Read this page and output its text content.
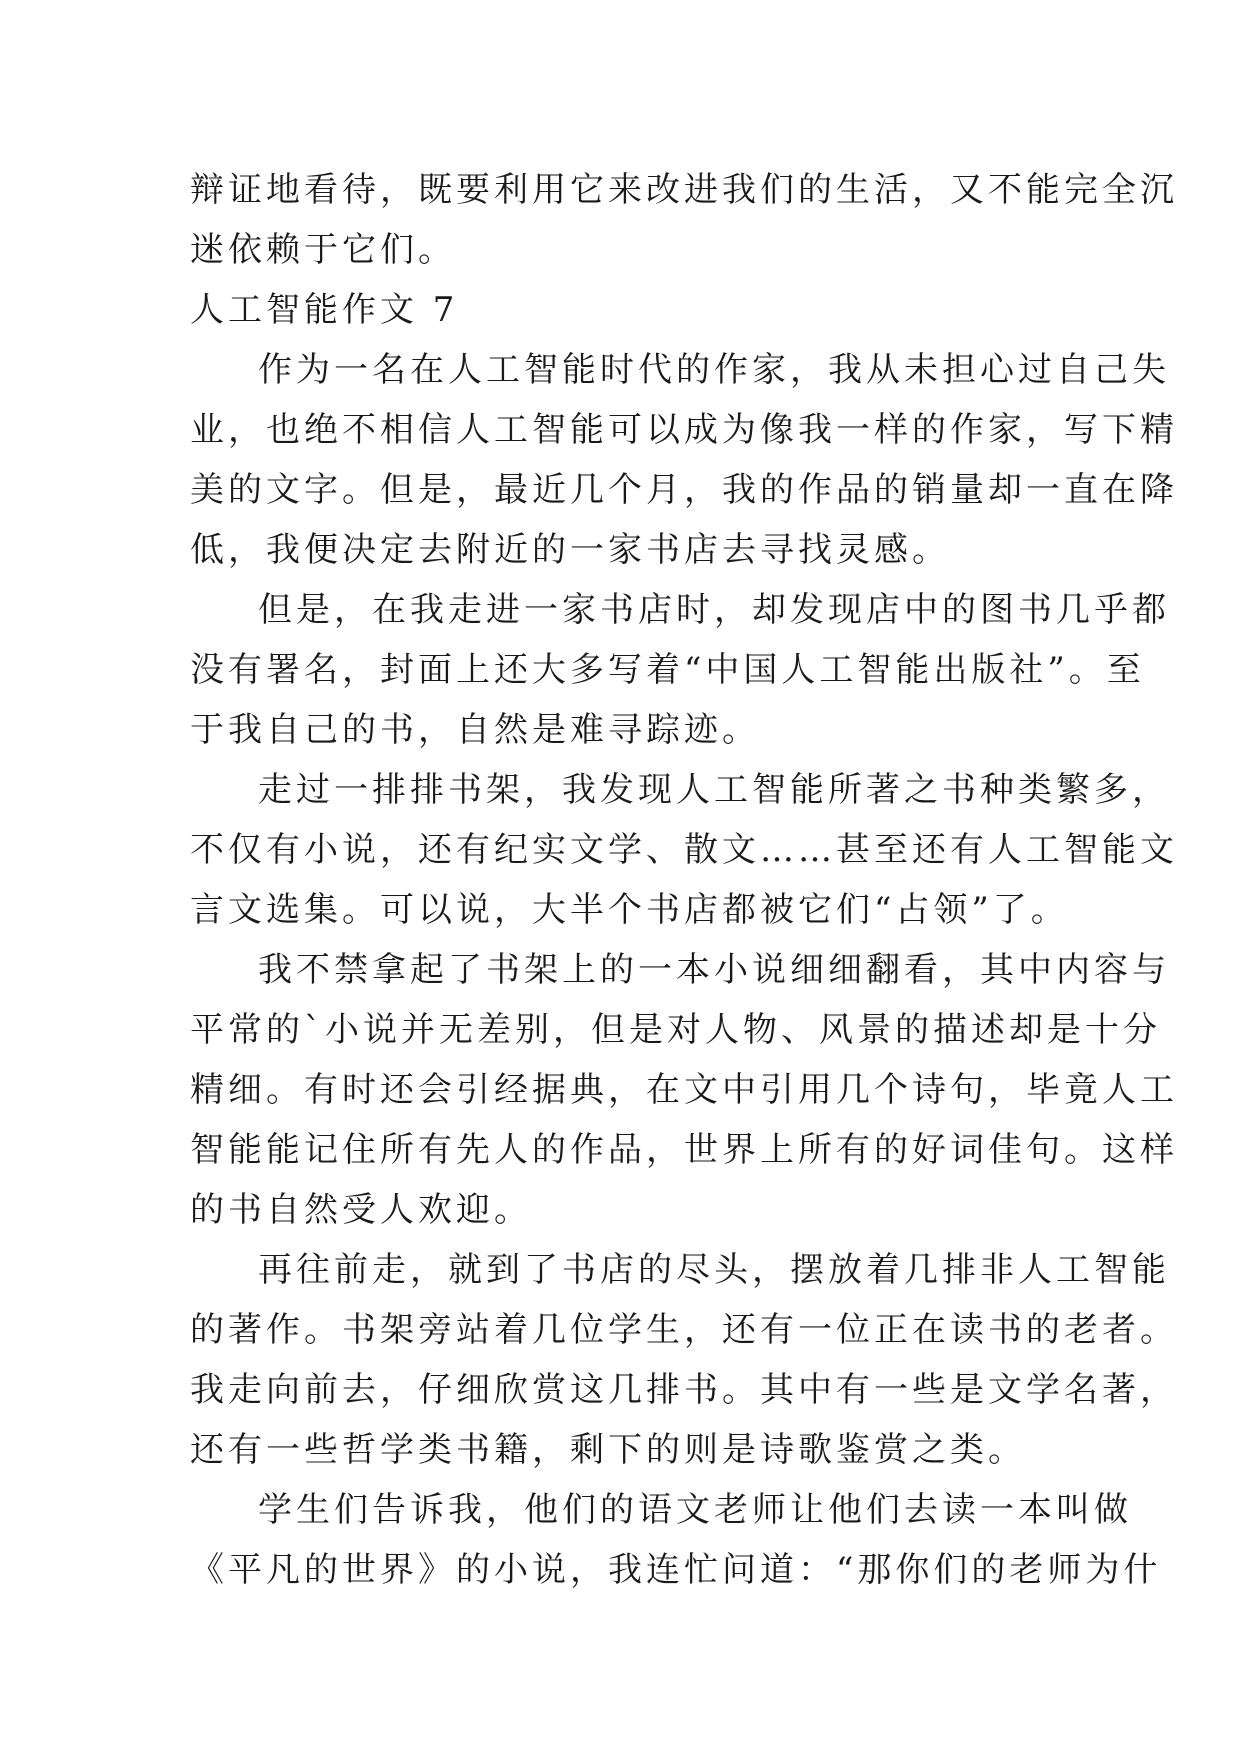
辩证地看待，既要利用它来改进我们的生活，又不能完全沉
迷依赖于它们。
人工智能作文 7
作为一名在人工智能时代的作家，我从未担心过自己失
业，也绝不相信人工智能可以成为像我一样的作家，写下精
美的文字。但是，最近几个月，我的作品的销量却一直在降
低，我便决定去附近的一家书店去寻找灵感。
但是，在我走进一家书店时，却发现店中的图书几乎都
没有署名，封面上还大多写着“中国人工智能出版社”。至
于我自己的书，自然是难寻踪迹。
走过一排排书架，我发现人工智能所著之书种类繁多，
不仅有小说，还有纪实文学、散文……甚至还有人工智能文
言文选集。可以说，大半个书店都被它们“占领”了。
我不禁拿起了书架上的一本小说细细翻看，其中内容与
平常的`小说并无差别，但是对人物、风景的描述却是十分
精细。有时还会引经据典，在文中引用几个诗句，毕竟人工
智能能记住所有先人的作品，世界上所有的好词佳句。这样
的书自然受人欢迎。
再往前走，就到了书店的尽头，摆放着几排非人工智能
的著作。书架旁站着几位学生，还有一位正在读书的老者。
我走向前去，仔细欣赏这几排书。其中有一些是文学名著，
还有一些哲学类书籍，剩下的则是诗歌鉴赏之类。
学生们告诉我，他们的语文老师让他们去读一本叫做
《平凡的世界》的小说，我连忙问道：“那你们的老师为什
